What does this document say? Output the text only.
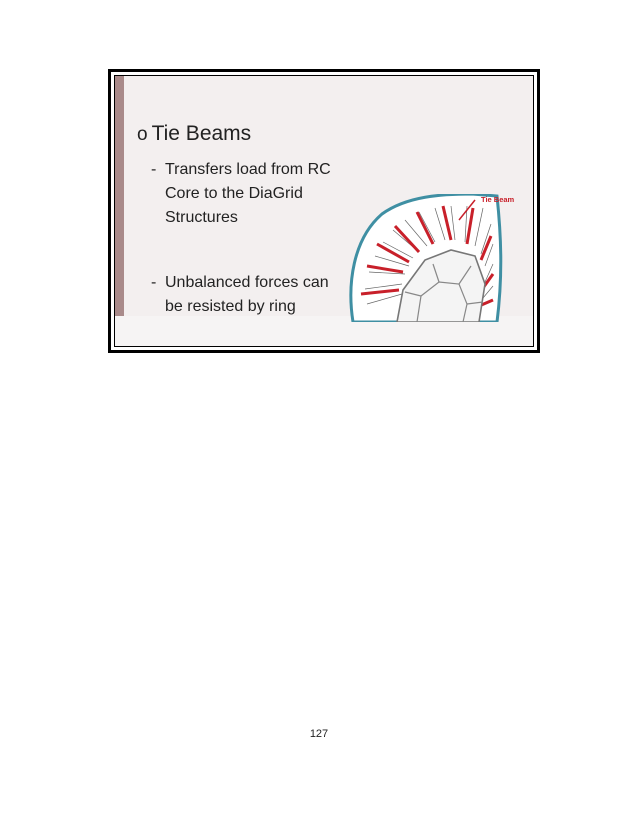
o Tie Beams
- Transfers load from RC Core to the DiaGrid Structures
- Unbalanced forces can be resisted by ring
Tie Beam
127
